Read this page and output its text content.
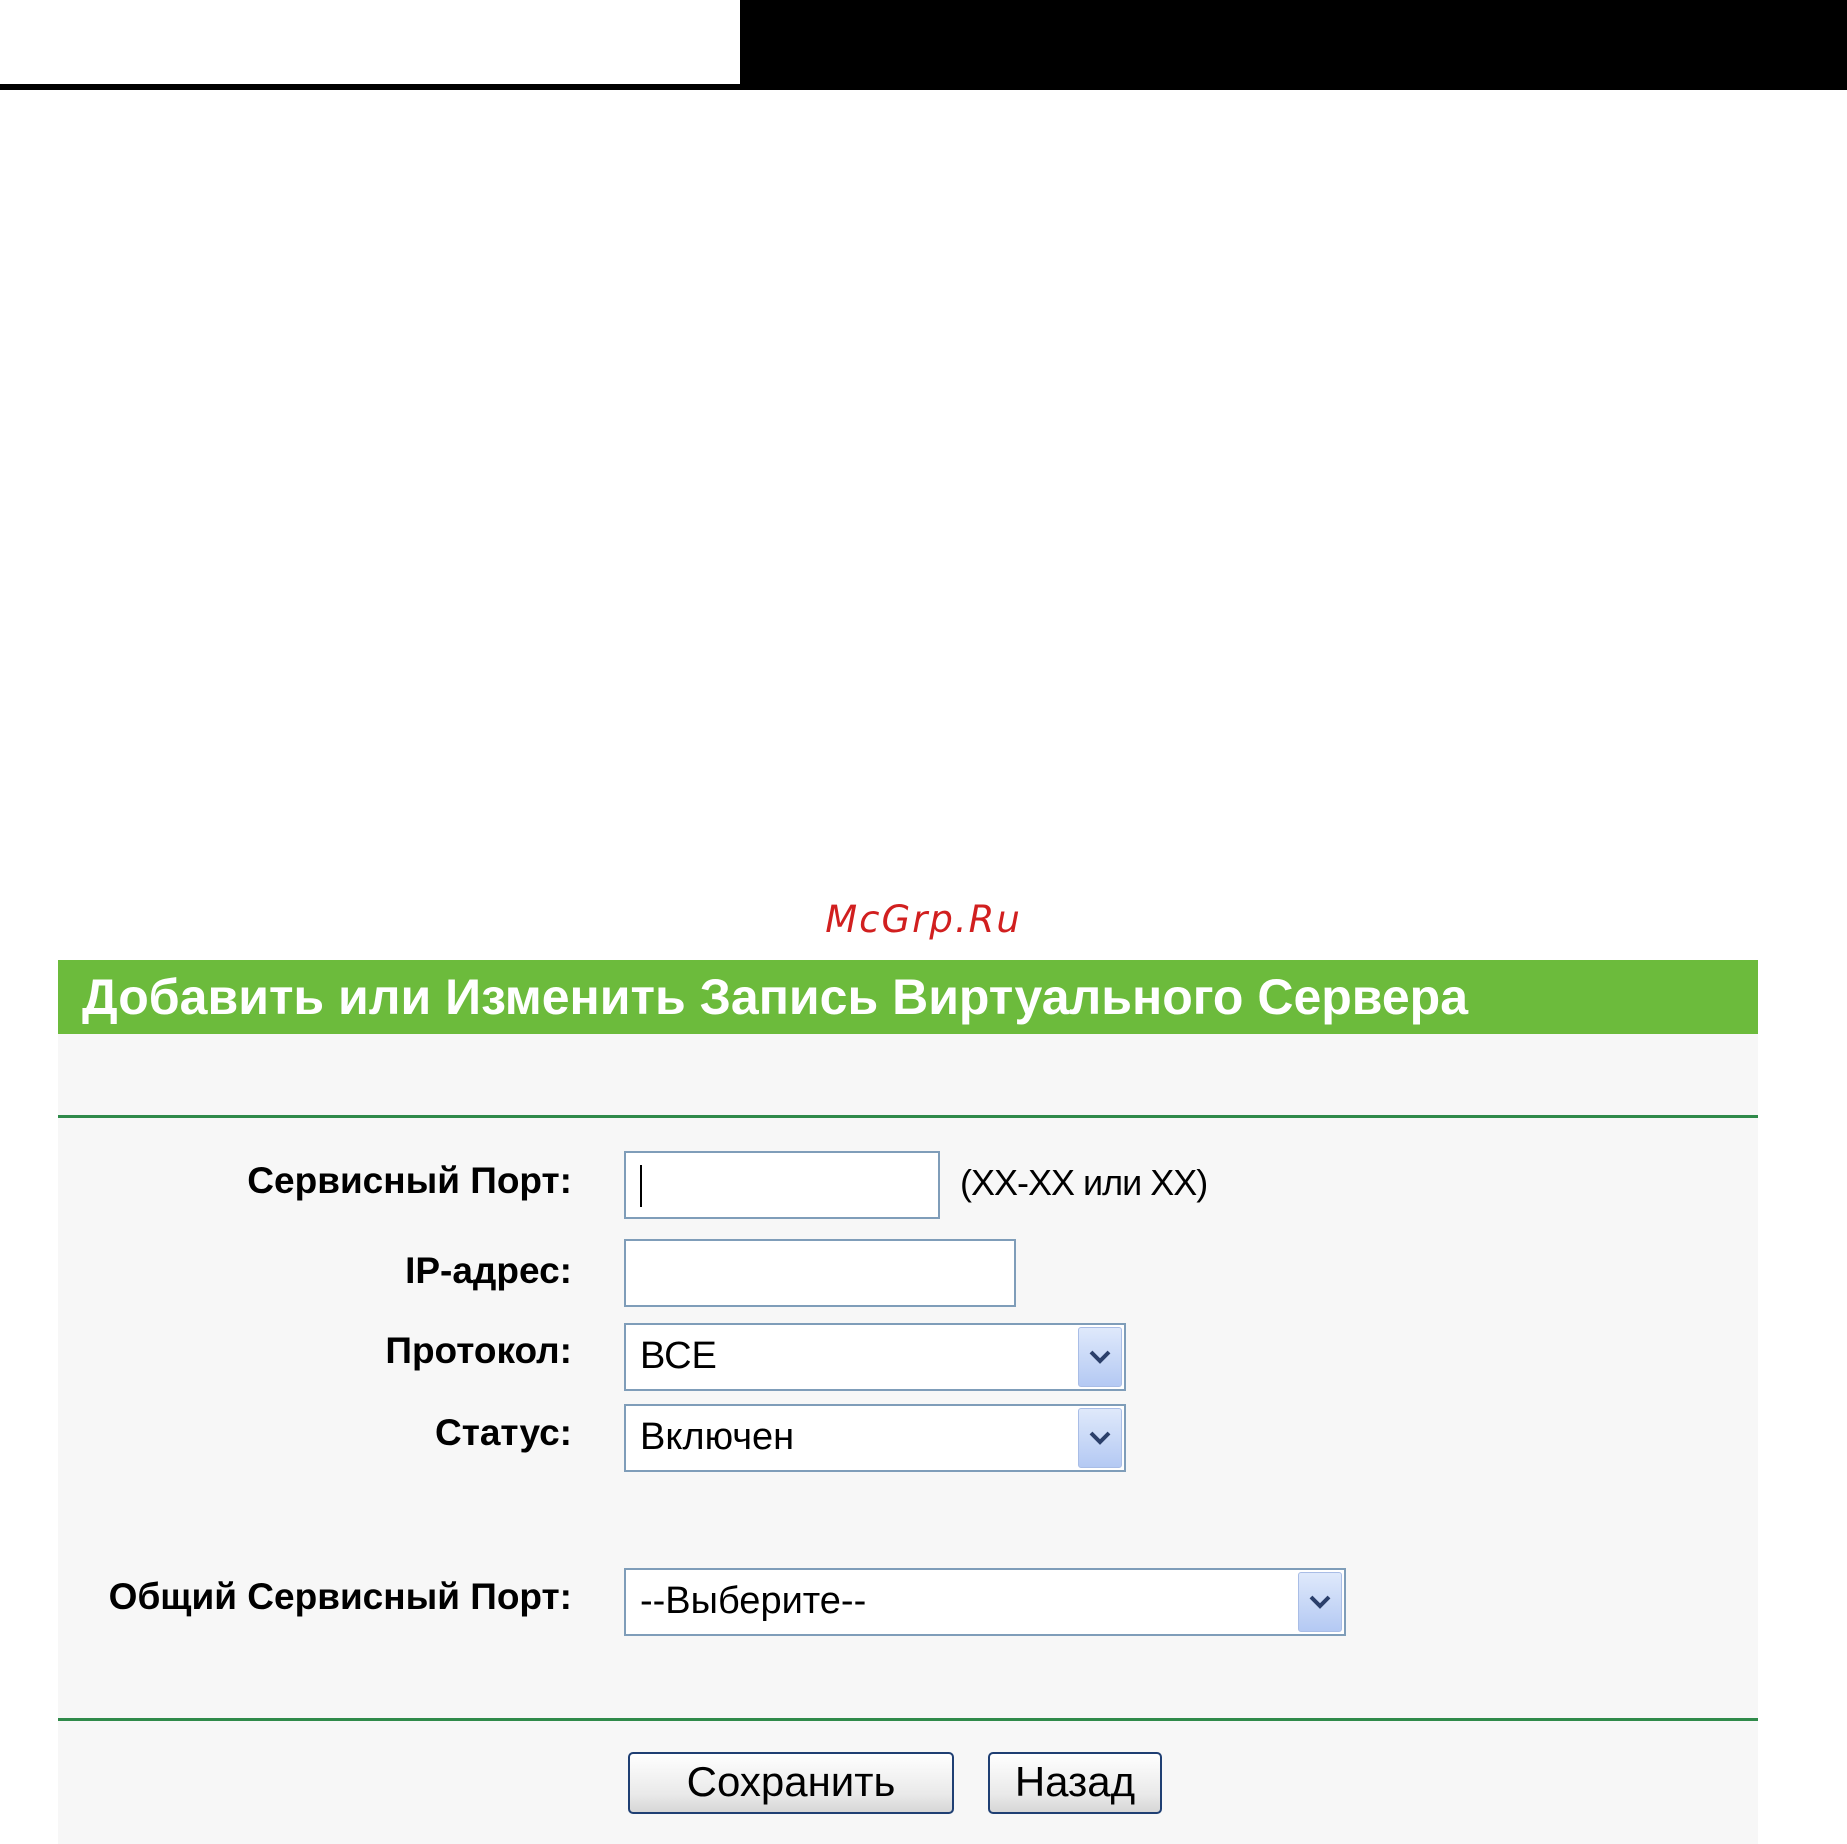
McGrp.Ru
Добавить или Изменить Запись Виртуального Сервера
Сервисный Порт:	(XX-XX или XX)
IP-адрес:
Протокол: ВСЕ
Статус: Включен
Общий Сервисный Порт: --Выберите--
Сохранить	Назад
